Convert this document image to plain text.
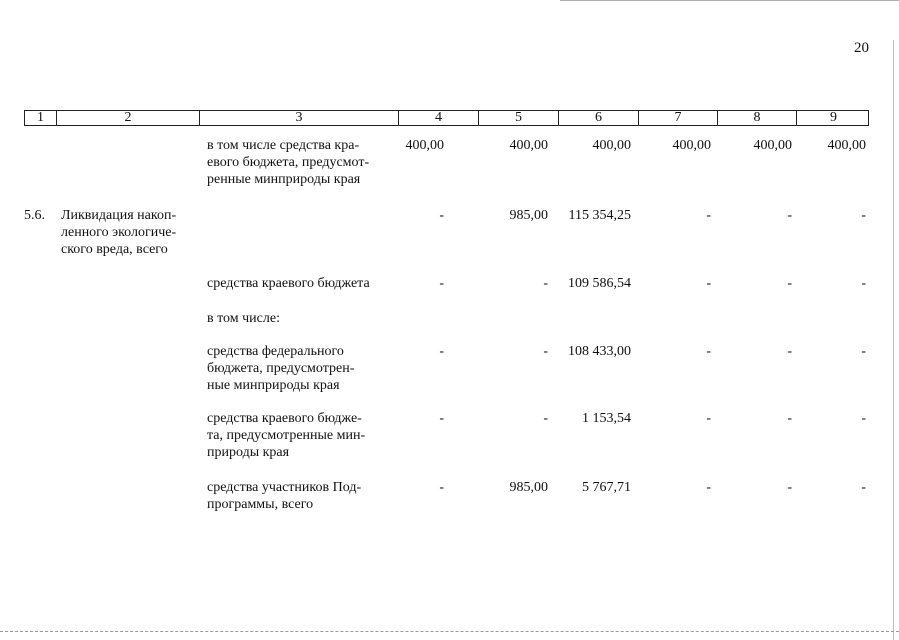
20
1	2	3	4	5	6	7	8	9
в том числе средства кра-
евого бюджета, предусмот-
ренные минприроды края
400,00	400,00	400,00	400,00	400,00	400,00
5.6.	Ликвидация накоп-
ленного экологиче-
ского вреда, всего
-	985,00	115 354,25	-	-	-
средства краевого бюджета	-	-	109 586,54	-	-	-
в том числе:
средства федерального
бюджета, предусмотрен-
ные минприроды края
-	-	108 433,00	-	-	-
средства краевого бюдже-
та, предусмотренные мин-
природы края
-	-	1 153,54	-	-	-
средства участников Под-
программы, всего
-	985,00	5 767,71	-	-	-
